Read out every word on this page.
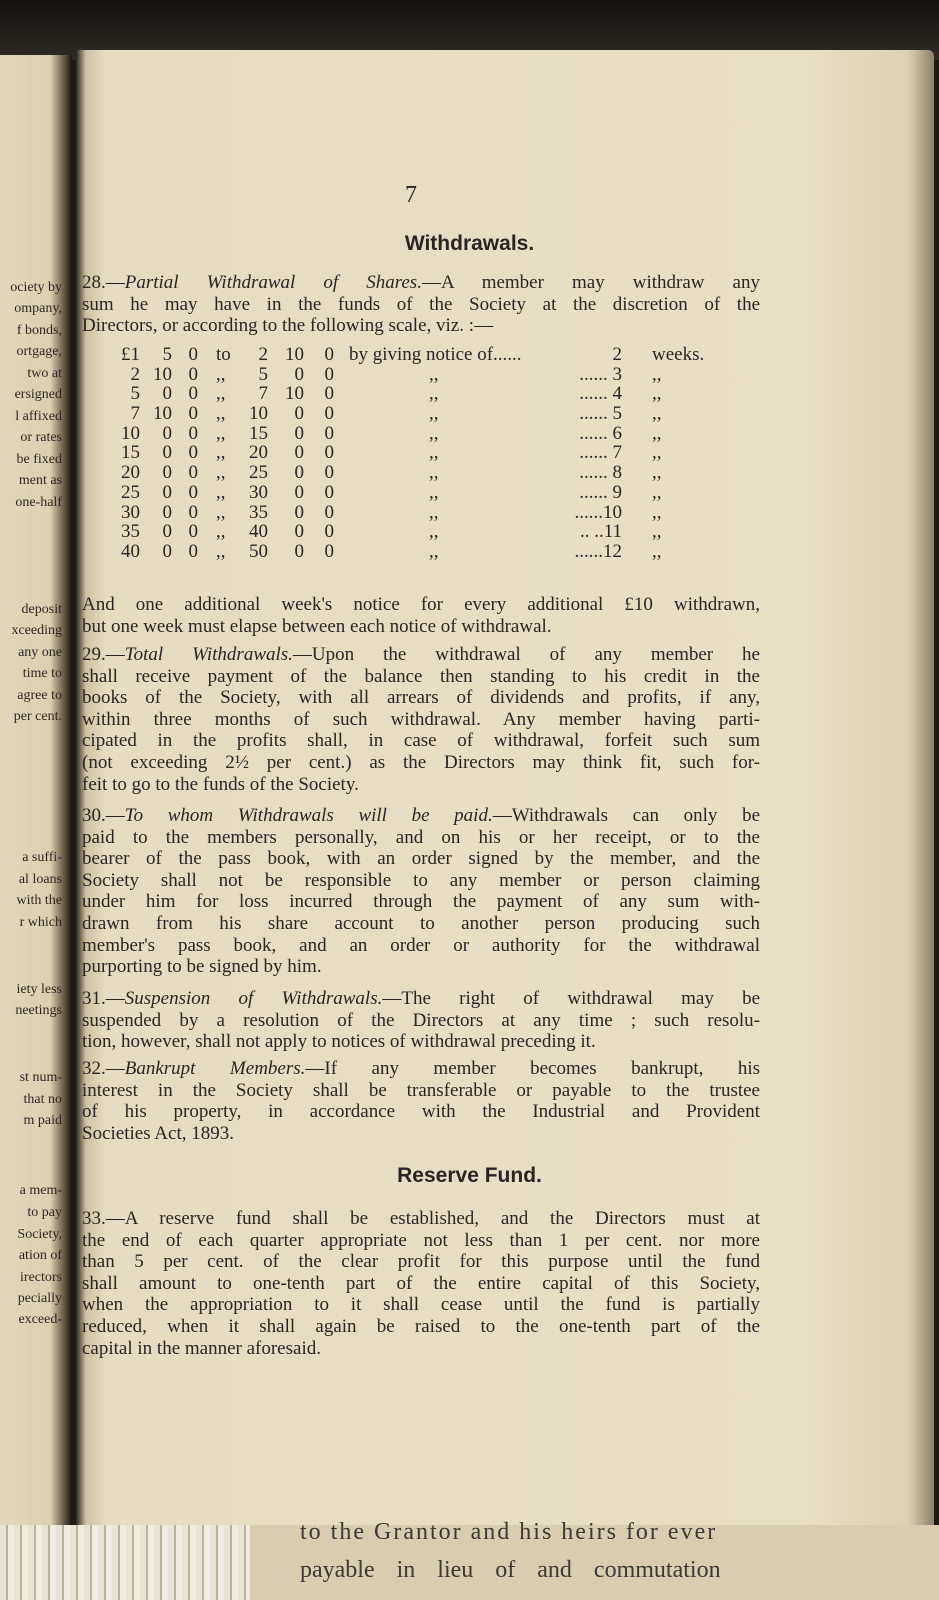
ociety by
ompany,
f bonds,
ortgage,
two at
ersigned
l affixed
or rates
be fixed
ment as
one-half
deposit
xceeding
any one
time to
agree to
per cent.
a suffi-
al loans
with the
r which
iety less
neetings
st num-
that no
m paid
a mem-
to pay
Society,
ation of
irectors
pecially
exceed-
7
Withdrawals.
28.—Partial Withdrawal of Shares.—A member may withdraw any
sum he may have in the funds of the Society at the discretion of the
Directors, or according to the following scale, viz. :—
£1	5 0 to	2 10	0 by giving notice of......	2 weeks.
2 10 0 ,,	5	0	0	,,	...... 3 ,,
5	0 0 ,,	7 10	0	,,	...... 4 ,,
7 10 0 ,,	10	0	0	,,	...... 5 ,,
10	0 0 ,,	15	0	0	,,	...... 6 ,,
15	0 0 ,,	20	0	0	,,	...... 7 ,,
20	0 0 ,,	25	0	0	,,	...... 8 ,,
25	0 0 ,,	30	0	0	,,	...... 9 ,,
30	0 0 ,,	35	0	0	,,	......10 ,,
35	0 0 ,,	40	0	0	,,	.. ..11 ,,
40	0 0 ,,	50	0	0	,,	......12 ,,
And one additional week's notice for every additional £10 withdrawn,
but one week must elapse between each notice of withdrawal.
29.—Total Withdrawals.—Upon the withdrawal of any member he
shall receive payment of the balance then standing to his credit in the
books of the Society, with all arrears of dividends and profits, if any,
within three months of such withdrawal. Any member having parti-
cipated in the profits shall, in case of withdrawal, forfeit such sum
(not exceeding 2½ per cent.) as the Directors may think fit, such for-
feit to go to the funds of the Society.
30.—To whom Withdrawals will be paid.—Withdrawals can only be
paid to the members personally, and on his or her receipt, or to the
bearer of the pass book, with an order signed by the member, and the
Society shall not be responsible to any member or person claiming
under him for loss incurred through the payment of any sum with-
drawn from his share account to another person producing such
member's pass book, and an order or authority for the withdrawal
purporting to be signed by him.
31.—Suspension of Withdrawals.—The right of withdrawal may be
suspended by a resolution of the Directors at any time ; such resolu-
tion, however, shall not apply to notices of withdrawal preceding it.
32.—Bankrupt Members.—If any member becomes bankrupt, his
interest in the Society shall be transferable or payable to the trustee
of his property, in accordance with the Industrial and Provident
Societies Act, 1893.
Reserve Fund.
33.—A reserve fund shall be established, and the Directors must at
the end of each quarter appropriate not less than 1 per cent. nor more
than 5 per cent. of the clear profit for this purpose until the fund
shall amount to one-tenth part of the entire capital of this Society,
when the appropriation to it shall cease until the fund is partially
reduced, when it shall again be raised to the one-tenth part of the
capital in the manner aforesaid.
to the Grantor and his heirs for ever
payable in lieu of and commutation
